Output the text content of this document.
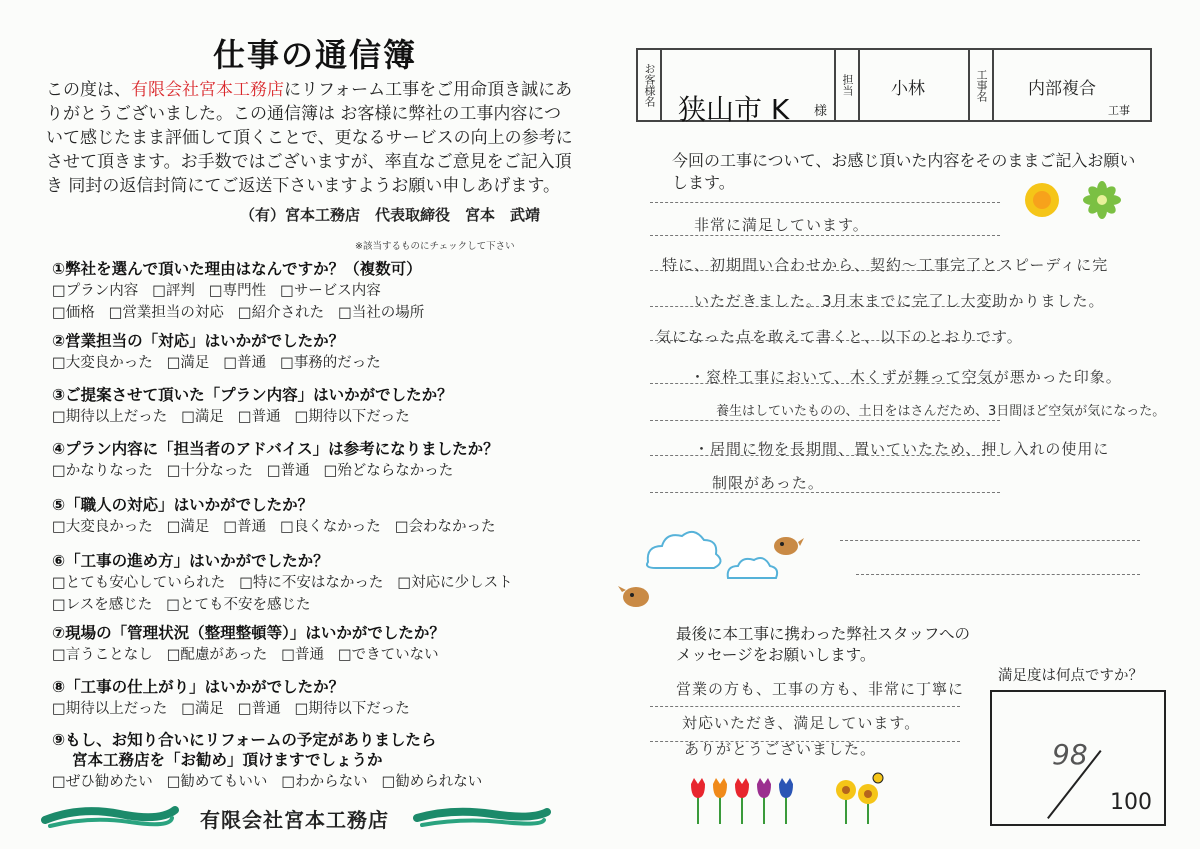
仕事の通信簿
この度は、有限会社宮本工務店にリフォーム工事をご用命頂き誠にありがとうございました。この通信簿は お客様に弊社の工事内容について感じたまま評価して頂くことで、更なるサービスの向上の参考にさせて頂きます。お手数ではございますが、率直なご意見をご記入頂き 同封の返信封筒にてご返送下さいますようお願い申しあげます。
（有）宮本工務店　代表取締役　宮本　武靖
※該当するものにチェックして下さい
①弊社を選んで頂いた理由はなんですか？（複数可）
□プラン内容 □評判 □専門性 □サービス内容
□価格 □営業担当の対応 □紹介された □当社の場所
②営業担当の「対応」はいかがでしたか？
□大変良かった □満足 □普通 □事務的だった
③ご提案させて頂いた「プラン内容」はいかがでしたか？
□期待以上だった □満足 □普通 □期待以下だった
④プラン内容に「担当者のアドバイス」は参考になりましたか？
□かなりなった □十分なった □普通 □殆どならなかった
⑤「職人の対応」はいかがでしたか？
□大変良かった □満足 □普通 □良くなかった □会わなかった
⑥「工事の進め方」はいかがでしたか？
□とても安心していられた □特に不安はなかった □対応に少しスト
□レスを感じた □とても不安を感じた
⑦現場の「管理状況（整理整頓等）」はいかがでしたか？
□言うことなし □配慮があった □普通 □できていない
⑧「工事の仕上がり」はいかがでしたか？
□期待以上だった □満足 □普通 □期待以下だった
⑨もし、お知り合いにリフォームの予定がありましたら
宮本工務店を「お勧め」頂けますでしょうか
□ぜひ勧めたい □勧めてもいい □わからない □勧められない
有限会社宮本工務店
お客様名
狭山市 K 様
担当 小林	工事名 内部複合
工事
今回の工事について、お感じ頂いた内容をそのままご記入お願いします。
非常に満足しています。
特に、初期問い合わせから、契約～工事完了とスピーディに完
いただきました。3月末までに完了し大変助かりました。
気になった点を敢えて書くと、以下のとおりです。
・窓枠工事において、木くずが舞って空気が悪かった印象。
養生はしていたものの、土日をはさんだため、3日間ほど空気が気になった。
・居間に物を長期間、置いていたため、押し入れの使用に
制限があった。
最後に本工事に携わった弊社スタッフへのメッセージをお願いします。
満足度は何点ですか？
営業の方も、工事の方も、非常に丁寧に
対応いただき、満足しています。
ありがとうございました。	98
100
